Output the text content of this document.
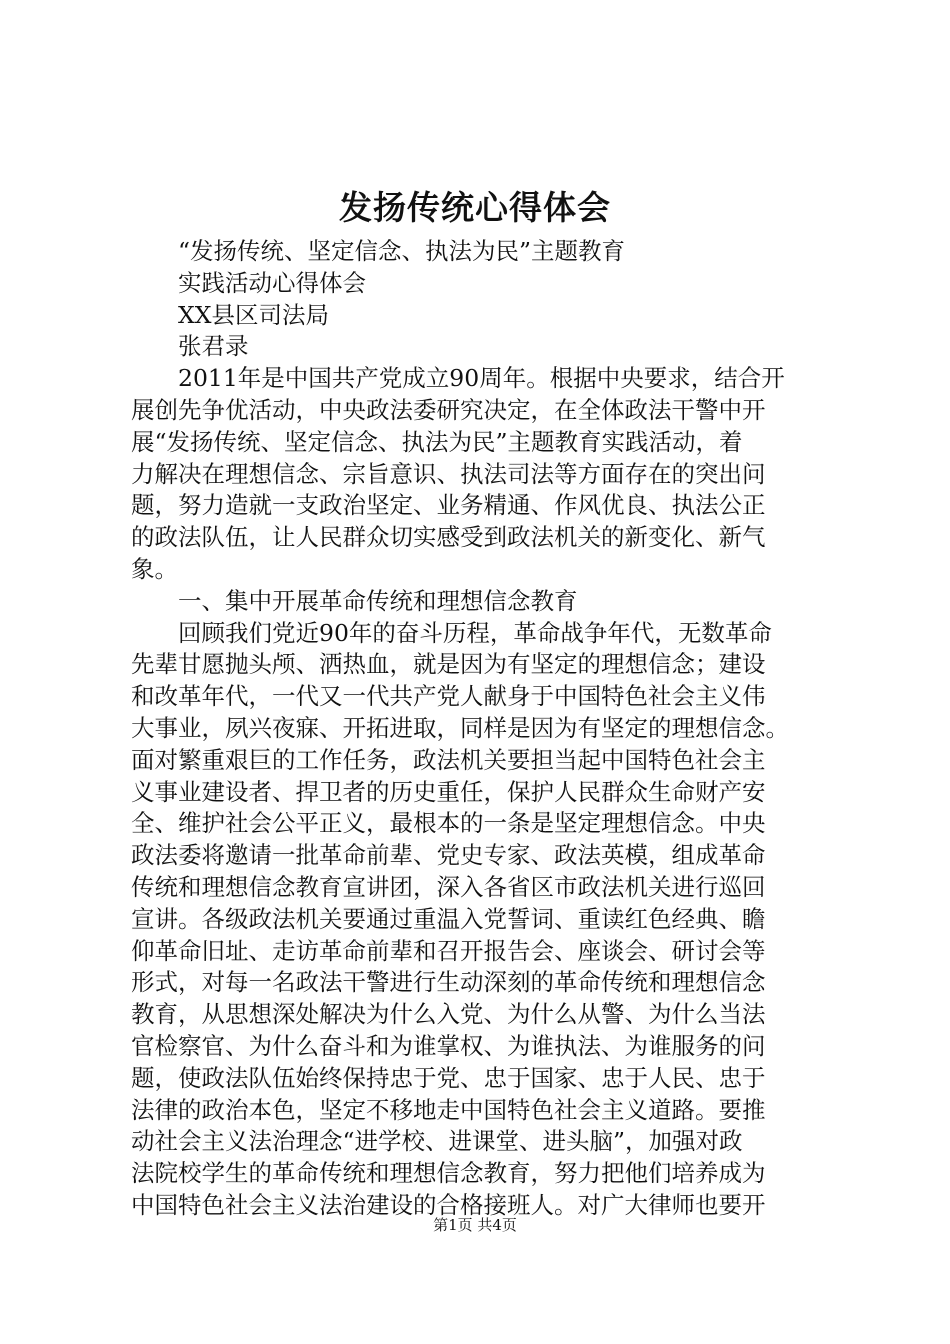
发扬传统心得体会
“发扬传统、坚定信念、执法为民”主题教育
实践活动心得体会
XX县区司法局
张君录
2011年是中国共产党成立90周年。根据中央要求，结合开
展创先争优活动，中央政法委研究决定，在全体政法干警中开
展“发扬传统、坚定信念、执法为民”主题教育实践活动，着
力解决在理想信念、宗旨意识、执法司法等方面存在的突出问
题，努力造就一支政治坚定、业务精通、作风优良、执法公正
的政法队伍，让人民群众切实感受到政法机关的新变化、新气
象。
一、集中开展革命传统和理想信念教育
回顾我们党近90年的奋斗历程，革命战争年代，无数革命
先辈甘愿抛头颅、洒热血，就是因为有坚定的理想信念；建设
和改革年代，一代又一代共产党人献身于中国特色社会主义伟
大事业，夙兴夜寐、开拓进取，同样是因为有坚定的理想信念。
面对繁重艰巨的工作任务，政法机关要担当起中国特色社会主
义事业建设者、捍卫者的历史重任，保护人民群众生命财产安
全、维护社会公平正义，最根本的一条是坚定理想信念。中央
政法委将邀请一批革命前辈、党史专家、政法英模，组成革命
传统和理想信念教育宣讲团，深入各省区市政法机关进行巡回
宣讲。各级政法机关要通过重温入党誓词、重读红色经典、瞻
仰革命旧址、走访革命前辈和召开报告会、座谈会、研讨会等
形式，对每一名政法干警进行生动深刻的革命传统和理想信念
教育，从思想深处解决为什么入党、为什么从警、为什么当法
官检察官、为什么奋斗和为谁掌权、为谁执法、为谁服务的问
题，使政法队伍始终保持忠于党、忠于国家、忠于人民、忠于
法律的政治本色，坚定不移地走中国特色社会主义道路。要推
动社会主义法治理念“进学校、进课堂、进头脑”，加强对政
法院校学生的革命传统和理想信念教育，努力把他们培养成为
中国特色社会主义法治建设的合格接班人。对广大律师也要开
第1页 共4页
